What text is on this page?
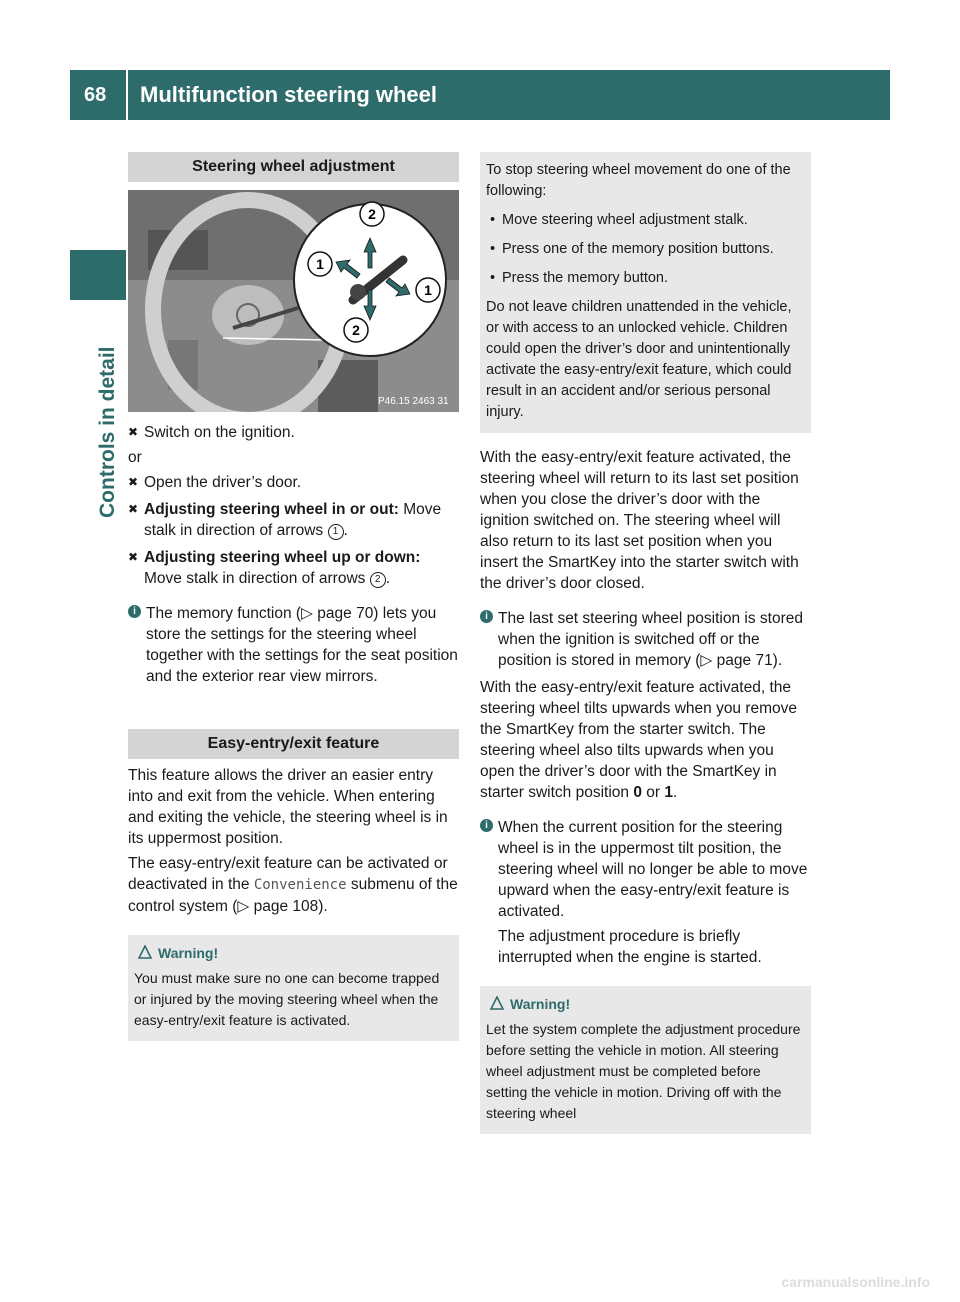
68	Multifunction steering wheel
Controls in detail
Steering wheel adjustment
2
1
1
2
P46.15 2463 31
✖ Switch on the ignition.

or

✖ Open the driver’s door.
✖ Adjusting steering wheel in or out: Move stalk in direction of arrows 1 .
✖ Adjusting steering wheel up or down:
Move stalk in direction of arrows 2 .
i The memory function (▷ page 70) lets you store the settings for the steering wheel together with the settings for the seat position and the exterior rear view mirrors.
Easy-entry/exit feature

This feature allows the driver an easier entry into and exit from the vehicle. When entering and exiting the vehicle, the steering wheel is in its uppermost position.

The easy-entry/exit feature can be activated or deactivated in the Convenience submenu of the control system (▷ page 108).

Warning!

You must make sure no one can become trapped or injured by the moving steering wheel when the easy-entry/exit feature is activated.

To stop steering wheel movement do one of the following:

• Move steering wheel adjustment stalk.
• Press one of the memory position buttons.
• Press the memory button.

Do not leave children unattended in the vehicle, or with access to an unlocked vehicle. Children could open the driver’s door and unintentionally activate the easy-entry/exit feature, which could result in an accident and/or serious personal injury.

With the easy-entry/exit feature activated, the steering wheel will return to its last set position when you close the driver’s door with the ignition switched on. The steering wheel will also return to its last set position when you insert the SmartKey into the starter switch with the driver’s door closed.

i The last set steering wheel position is stored when the ignition is switched off or the position is stored in memory (▷ page 71).

With the easy-entry/exit feature activated, the steering wheel tilts upwards when you remove the SmartKey from the starter switch. The steering wheel also tilts upwards when you open the driver’s door with the SmartKey in starter switch position 0 or 1.

i When the current position for the steering wheel is in the uppermost tilt position, the steering wheel will no longer be able to move upward when the easy-entry/exit feature is activated.

The adjustment procedure is briefly interrupted when the engine is started.

Warning!

Let the system complete the adjustment procedure before setting the vehicle in motion. All steering wheel adjustment must be completed before setting the vehicle in motion. Driving off with the steering wheel

carmanualsonline.info
